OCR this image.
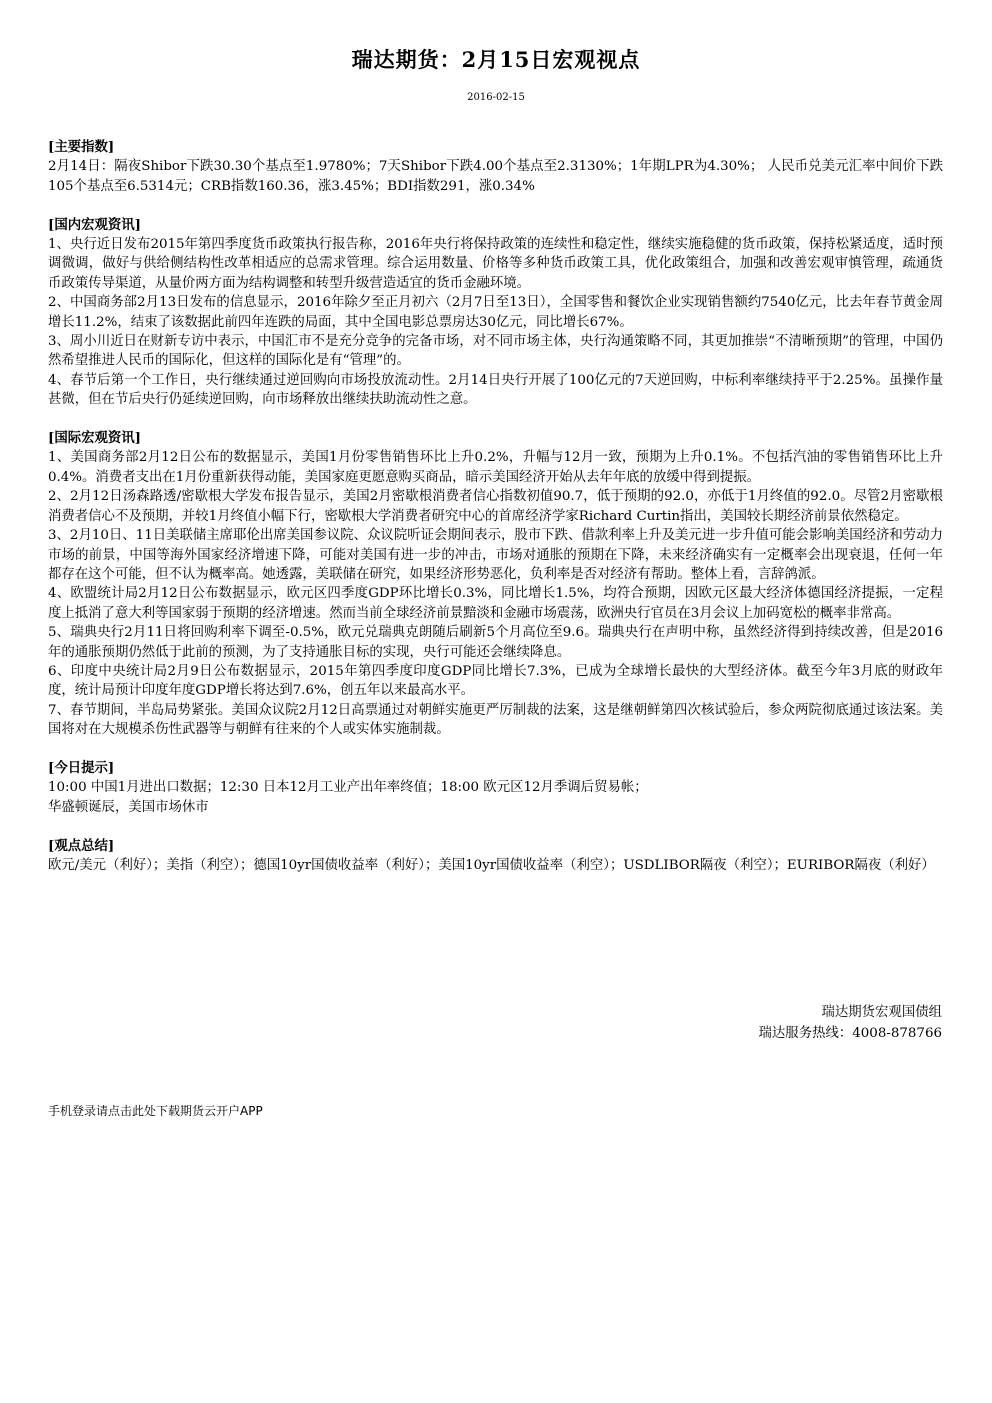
瑞达期货：2月15日宏观视点
2016-02-15
[主要指数]

2月14日：隔夜Shibor下跌30.30个基点至1.9780%；7天Shibor下跌4.00个基点至2.3130%；1年期LPR为4.30%； 人民币兑美元汇率中间价下跌105个基点至6.5314元；CRB指数160.36，涨3.45%；BDI指数291，涨0.34%

[国内宏观资讯]

1、央行近日发布2015年第四季度货币政策执行报告称，2016年央行将保持政策的连续性和稳定性，继续实施稳健的货币政策，保持松紧适度，适时预调微调，做好与供给侧结构性改革相适应的总需求管理。综合运用数量、价格等多种货币政策工具，优化政策组合，加强和改善宏观审慎管理，疏通货币政策传导渠道，从量价两方面为结构调整和转型升级营造适宜的货币金融环境。

2、中国商务部2月13日发布的信息显示，2016年除夕至正月初六（2月7日至13日），全国零售和餐饮企业实现销售额约7540亿元，比去年春节黄金周增长11.2%，结束了该数据此前四年连跌的局面，其中全国电影总票房达30亿元，同比增长67%。

3、周小川近日在财新专访中表示，中国汇市不是充分竞争的完备市场，对不同市场主体，央行沟通策略不同，其更加推崇“不清晰预期”的管理，中国仍然希望推进人民币的国际化，但这样的国际化是有“管理”的。

4、春节后第一个工作日，央行继续通过逆回购向市场投放流动性。2月14日央行开展了100亿元的7天逆回购，中标利率继续持平于2.25%。虽操作量甚微，但在节后央行仍延续逆回购，向市场释放出继续扶助流动性之意。

[国际宏观资讯]

1、美国商务部2月12日公布的数据显示，美国1月份零售销售环比上升0.2%，升幅与12月一致，预期为上升0.1%。不包括汽油的零售销售环比上升0.4%。消费者支出在1月份重新获得动能，美国家庭更愿意购买商品，暗示美国经济开始从去年年底的放缓中得到提振。

2、2月12日汤森路透/密歇根大学发布报告显示，美国2月密歇根消费者信心指数初值90.7，低于预期的92.0，亦低于1月终值的92.0。尽管2月密歇根消费者信心不及预期，并较1月终值小幅下行，密歇根大学消费者研究中心的首席经济学家Richard Curtin指出，美国较长期经济前景依然稳定。

3、2月10日、11日美联储主席耶伦出席美国参议院、众议院听证会期间表示，股市下跌、借款利率上升及美元进一步升值可能会影响美国经济和劳动力市场的前景，中国等海外国家经济增速下降，可能对美国有进一步的冲击，市场对通胀的预期在下降，未来经济确实有一定概率会出现衰退，任何一年都存在这个可能，但不认为概率高。她透露，美联储在研究，如果经济形势恶化，负利率是否对经济有帮助。整体上看，言辞鸽派。

4、欧盟统计局2月12日公布数据显示，欧元区四季度GDP环比增长0.3%，同比增长1.5%，均符合预期，因欧元区最大经济体德国经济提振，一定程度上抵消了意大利等国家弱于预期的经济增速。然而当前全球经济前景黯淡和金融市场震荡，欧洲央行官员在3月会议上加码宽松的概率非常高。

5、瑞典央行2月11日将回购利率下调至-0.5%，欧元兑瑞典克朗随后刷新5个月高位至9.6。瑞典央行在声明中称，虽然经济得到持续改善，但是2016年的通胀预期仍然低于此前的预测，为了支持通胀目标的实现，央行可能还会继续降息。

6、印度中央统计局2月9日公布数据显示，2015年第四季度印度GDP同比增长7.3%，已成为全球增长最快的大型经济体。截至今年3月底的财政年度，统计局预计印度年度GDP增长将达到7.6%，创五年以来最高水平。

7、春节期间，半岛局势紧张。美国众议院2月12日高票通过对朝鲜实施更严厉制裁的法案，这是继朝鲜第四次核试验后，参众两院彻底通过该法案。美国将对在大规模杀伤性武器等与朝鲜有往来的个人或实体实施制裁。

[今日提示]

10:00 中国1月进出口数据；12:30 日本12月工业产出年率终值；18:00 欧元区12月季调后贸易帐；

华盛顿诞辰，美国市场休市

[观点总结]

欧元/美元（利好）；美指（利空）；德国10yr国债收益率（利好）；美国10yr国债收益率（利空）；USDLIBOR隔夜（利空）；EURIBOR隔夜（利好）

瑞达期货宏观国债组
瑞达服务热线：4008-878766
手机登录请点击此处下载期货云开户APP
